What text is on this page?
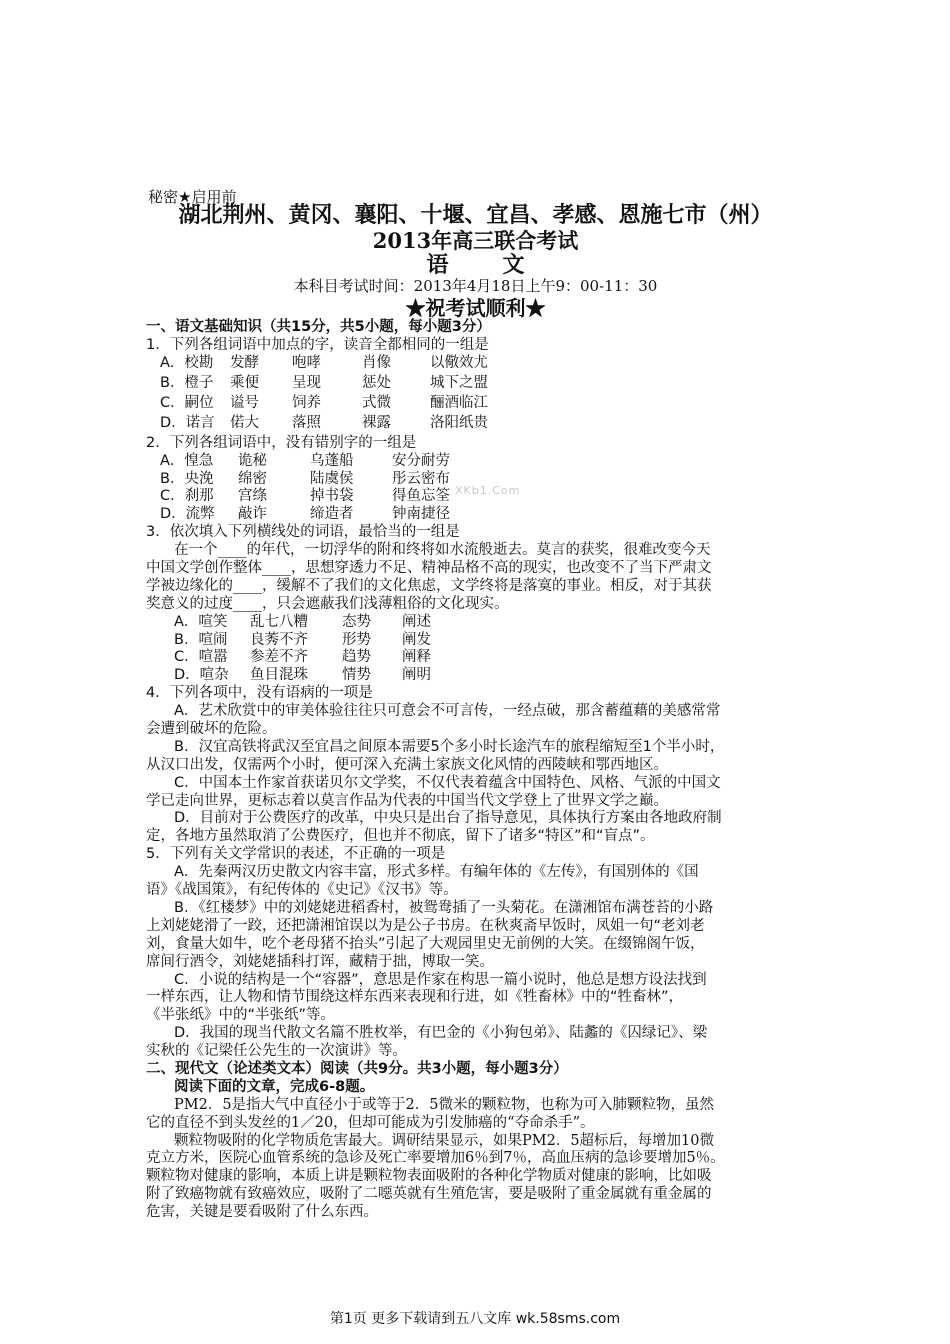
秘密★启用前
湖北荆州、黄冈、襄阳、十堰、宜昌、孝感、恩施七市（州）
2013年高三联合考试
语文
本科目考试时间：2013年4月18日上午9：00-11：30
★祝考试顺利★
XKb1.Com
一、语文基础知识（共15分，共5小题，每小题3分）
1．下列各组词语中加点的字，读音全都相同的一组是
A．校勘 发酵 咆哮	肖像	以儆效尤
B．橙子 乘便 呈现	惩处	城下之盟
C．嗣位 谥号 饲养	式微	酾酒临江
D．诺言 偌大 落照	裸露	洛阳纸贵
2．下列各组词语中，没有错别字的一组是
A．惶急 诡秘	乌蓬船	安分耐劳
B．央浼 绵密	陆虞侯	彤云密布
C．刹那 宫绦	掉书袋	得鱼忘筌
D．流弊 敲诈	缔造者	钟南捷径
3．依次填入下列横线处的词语，最恰当的一组是
在一个____的年代，一切浮华的附和终将如水流般逝去。莫言的获奖，很难改变今天
中国文学创作整体____，思想穿透力不足、精神品格不高的现实，也改变不了当下严肃文
学被边缘化的____，缓解不了我们的文化焦虑，文学终将是落寞的事业。相反，对于其获
奖意义的过度____，只会遮蔽我们浅薄粗俗的文化现实。
A．喧笑 乱七八糟 态势 阐述
B．喧闹 良莠不齐 形势 阐发
C．喧嚣 参差不齐 趋势 阐释
D．喧杂 鱼目混珠 情势 阐明
4．下列各项中，没有语病的一项是
A．艺术欣赏中的审美体验往往只可意会不可言传，一经点破，那含蓄蕴藉的美感常常
会遭到破坏的危险。
B．汉宜高铁将武汉至宜昌之间原本需要5个多小时长途汽车的旅程缩短至1个半小时，
从汉口出发，仅需两个小时，便可深入充满土家族文化风情的西陵峡和鄂西地区。
C．中国本土作家首获诺贝尔文学奖，不仅代表着蕴含中国特色、风格、气派的中国文
学已走向世界，更标志着以莫言作品为代表的中国当代文学登上了世界文学之巅。
D．目前对于公费医疗的改革，中央只是出台了指导意见，具体执行方案由各地政府制
定，各地方虽然取消了公费医疗，但也并不彻底，留下了诸多“特区”和“盲点”。
5．下列有关文学常识的表述，不正确的一项是
A．先秦两汉历史散文内容丰富，形式多样。有编年体的《左传》，有国别体的《国
语》《战国策》，有纪传体的《史记》《汉书》等。
B．《红楼梦》中的刘姥姥进稻香村，被鸳鸯插了一头菊花。在潇湘馆布满苍苔的小路
上刘姥姥滑了一跤，还把潇湘馆误以为是公子书房。在秋爽斋早饭时，凤姐一句“老刘老
刘，食量大如牛，吃个老母猪不抬头”引起了大观园里史无前例的大笑。在缀锦阁午饭，
席间行酒令，刘姥姥插科打诨，藏精于拙，博取一笑。
C．小说的结构是一个“容器”，意思是作家在构思一篇小说时，他总是想方设法找到
一样东西，让人物和情节围绕这样东西来表现和行进，如《牲畜林》中的“牲畜林”，
《半张纸》中的“半张纸”等。
D．我国的现当代散文名篇不胜枚举，有巴金的《小狗包弟》、陆蠡的《囚绿记》、梁
实秋的《记梁任公先生的一次演讲》等。
二、现代文（论述类文本）阅读（共9分。共3小题，每小题3分）
阅读下面的文章，完成6-8题。
PM2．5是指大气中直径小于或等于2．5微米的颗粒物，也称为可入肺颗粒物，虽然
它的直径不到头发丝的1／20，但却可能成为引发肺癌的“夺命杀手”。
颗粒物吸附的化学物质危害最大。调研结果显示，如果PM2．5超标后，每增加10微
克立方米，医院心血管系统的急诊及死亡率要增加6％到7％，高血压病的急诊要增加5％。
颗粒物对健康的影响，本质上讲是颗粒物表面吸附的各种化学物质对健康的影响，比如吸
附了致癌物就有致癌效应，吸附了二噁英就有生殖危害，要是吸附了重金属就有重金属的
危害，关键是要看吸附了什么东西。
第1页 更多下载请到五八文库 wk.58sms.com
